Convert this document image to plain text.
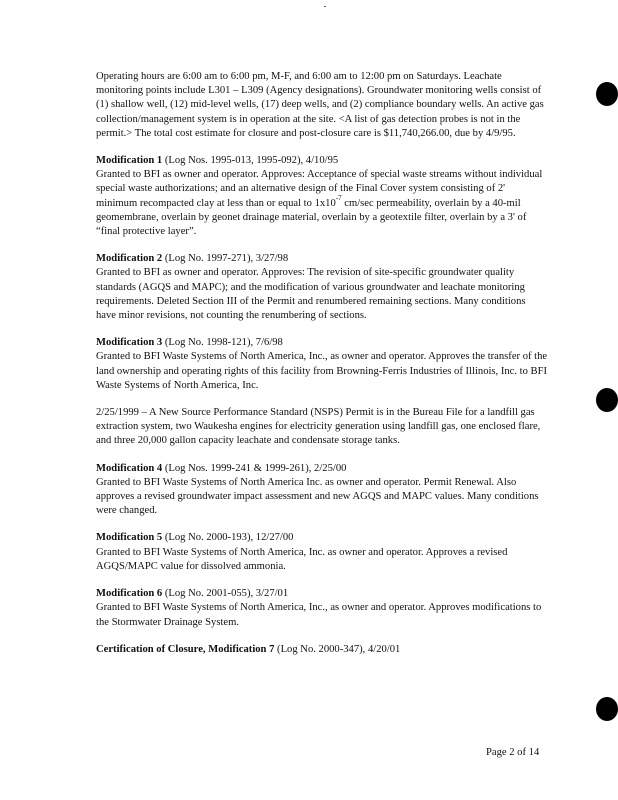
Operating hours are 6:00 am to 6:00 pm, M-F, and 6:00 am to 12:00 pm on Saturdays. Leachate monitoring points include L301 – L309 (Agency designations). Groundwater monitoring wells consist of (1) shallow well, (12) mid-level wells, (17) deep wells, and (2) compliance boundary wells. An active gas collection/management system is in operation at the site. <A list of gas detection probes is not in the permit.> The total cost estimate for closure and post-closure care is $11,740,266.00, due by 4/9/95.

Modification 1 (Log Nos. 1995-013, 1995-092), 4/10/95

Granted to BFI as owner and operator. Approves: Acceptance of special waste streams without individual special waste authorizations; and an alternative design of the Final Cover system consisting of 2' minimum recompacted clay at less than or equal to $1x10^{-7}$ cm/sec permeability, overlain by a 40-mil geomembrane, overlain by geonet drainage material, overlain by a geotextile filter, overlain by a 3' of “final protective layer”.

Modification 2 (Log No. 1997-271), 3/27/98

Granted to BFI as owner and operator. Approves: The revision of site-specific groundwater quality standards (AGQS and MAPC); and the modification of various groundwater and leachate monitoring requirements. Deleted Section III of the Permit and renumbered remaining sections. Many conditions have minor revisions, not counting the renumbering of sections.

Modification 3 (Log No. 1998-121), 7/6/98

Granted to BFI Waste Systems of North America, Inc., as owner and operator. Approves the transfer of the land ownership and operating rights of this facility from Browning-Ferris Industries of Illinois, Inc. to BFI Waste Systems of North America, Inc.

2/25/1999 – A New Source Performance Standard (NSPS) Permit is in the Bureau File for a landfill gas extraction system, two Waukesha engines for electricity generation using landfill gas, one enclosed flare, and three 20,000 gallon capacity leachate and condensate storage tanks.

Modification 4 (Log Nos. 1999-241 & 1999-261), 2/25/00

Granted to BFI Waste Systems of North America Inc. as owner and operator. Permit Renewal. Also approves a revised groundwater impact assessment and new AGQS and MAPC values. Many conditions were changed.

Modification 5 (Log No. 2000-193), 12/27/00

Granted to BFI Waste Systems of North America, Inc. as owner and operator. Approves a revised AGQS/MAPC value for dissolved ammonia.

Modification 6 (Log No. 2001-055), 3/27/01

Granted to BFI Waste Systems of North America, Inc., as owner and operator. Approves modifications to the Stormwater Drainage System.

Certification of Closure, Modification 7 (Log No. 2000-347), 4/20/01

Page 2 of 14
